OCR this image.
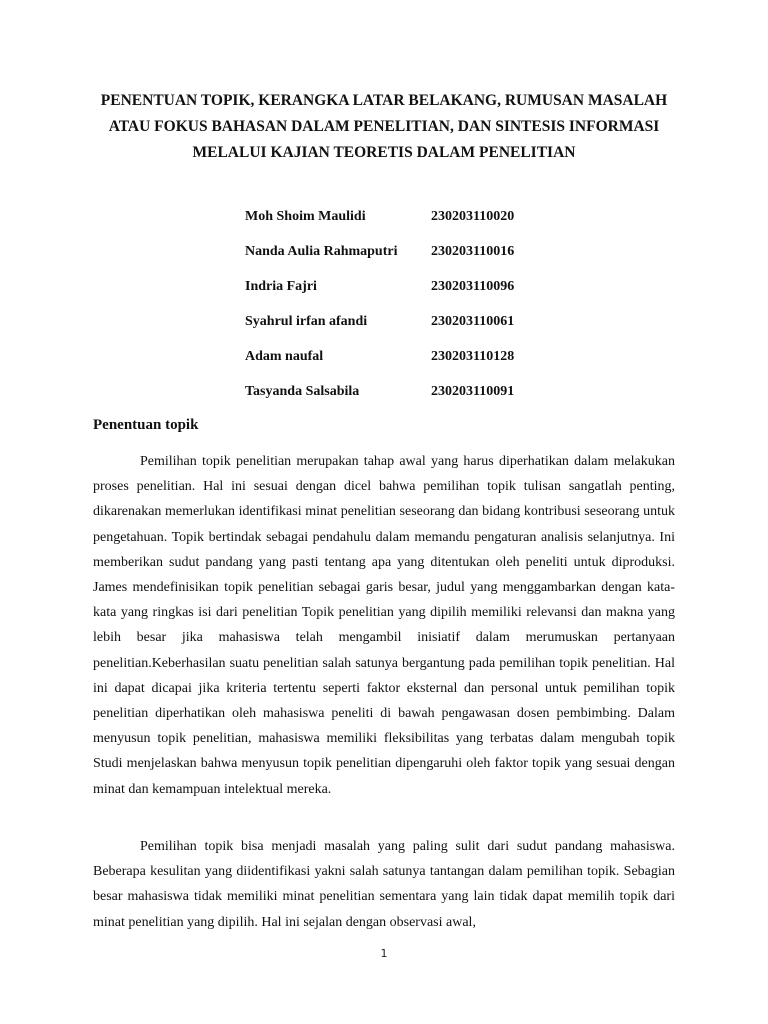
PENENTUAN TOPIK, KERANGKA LATAR BELAKANG, RUMUSAN MASALAH
ATAU FOKUS BAHASAN DALAM PENELITIAN, DAN SINTESIS INFORMASI
MELALUI KAJIAN TEORETIS DALAM PENELITIAN
Moh Shoim Maulidi	230203110020
Nanda Aulia Rahmaputri 230203110016
Indria Fajri	230203110096
Syahrul irfan afandi	230203110061
Adam naufal	230203110128
Tasyanda Salsabila	230203110091
Penentuan topik

Pemilihan topik penelitian merupakan tahap awal yang harus diperhatikan dalam melakukan proses penelitian. Hal ini sesuai dengan dicel bahwa pemilihan topik tulisan sangatlah penting, dikarenakan memerlukan identifikasi minat penelitian seseorang dan bidang kontribusi seseorang untuk pengetahuan. Topik bertindak sebagai pendahulu dalam memandu pengaturan analisis selanjutnya. Ini memberikan sudut pandang yang pasti tentang apa yang ditentukan oleh peneliti untuk diproduksi. James mendefinisikan topik penelitian sebagai garis besar, judul yang menggambarkan dengan kata-kata yang ringkas isi dari penelitian Topik penelitian yang dipilih memiliki relevansi dan makna yang lebih besar jika mahasiswa telah mengambil inisiatif dalam merumuskan pertanyaan penelitian.Keberhasilan suatu penelitian salah satunya bergantung pada pemilihan topik penelitian. Hal ini dapat dicapai jika kriteria tertentu seperti faktor eksternal dan personal untuk pemilihan topik penelitian diperhatikan oleh mahasiswa peneliti di bawah pengawasan dosen pembimbing. Dalam menyusun topik penelitian, mahasiswa memiliki fleksibilitas yang terbatas dalam mengubah topik Studi menjelaskan bahwa menyusun topik penelitian dipengaruhi oleh faktor topik yang sesuai dengan minat dan kemampuan intelektual mereka.

Pemilihan topik bisa menjadi masalah yang paling sulit dari sudut pandang mahasiswa. Beberapa kesulitan yang diidentifikasi yakni salah satunya tantangan dalam pemilihan topik. Sebagian besar mahasiswa tidak memiliki minat penelitian sementara yang lain tidak dapat memilih topik dari minat penelitian yang dipilih. Hal ini sejalan dengan observasi awal,

1
